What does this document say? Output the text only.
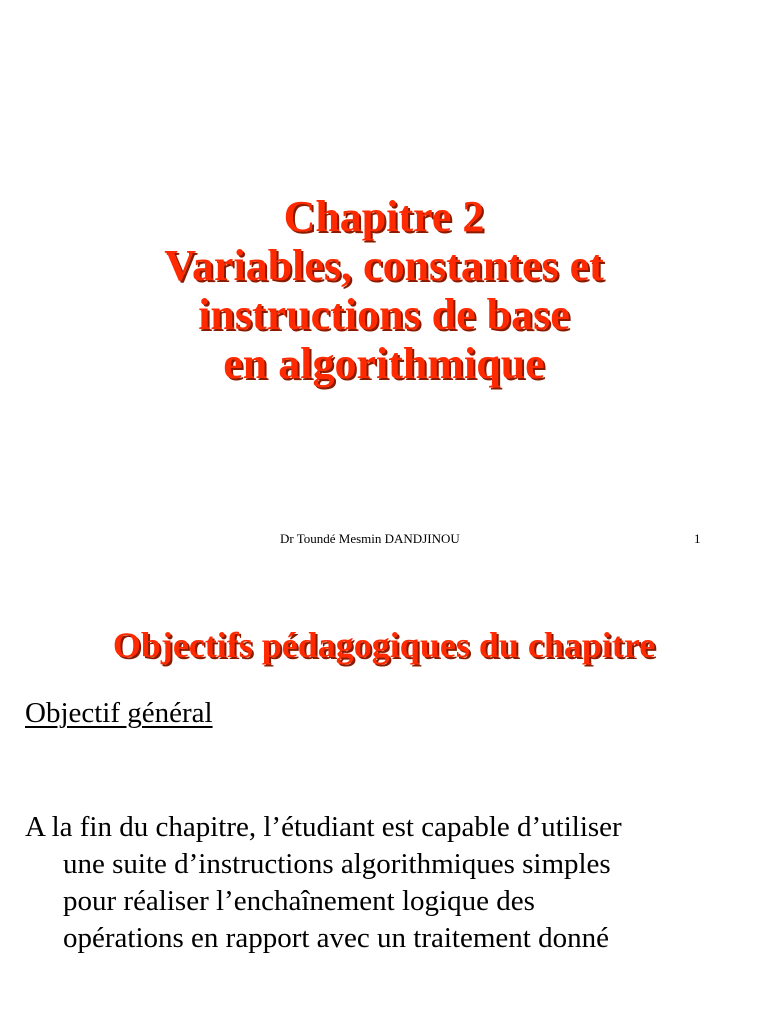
Chapitre 2
Variables, constantes et
instructions de base
en algorithmique
Dr Toundé Mesmin DANDJINOU	1
Objectifs pédagogiques du chapitre
Objectif général
A la fin du chapitre, l’étudiant est capable d’utiliser
une suite d’instructions algorithmiques simples
pour réaliser l’enchaînement logique des
opérations en rapport avec un traitement donné
